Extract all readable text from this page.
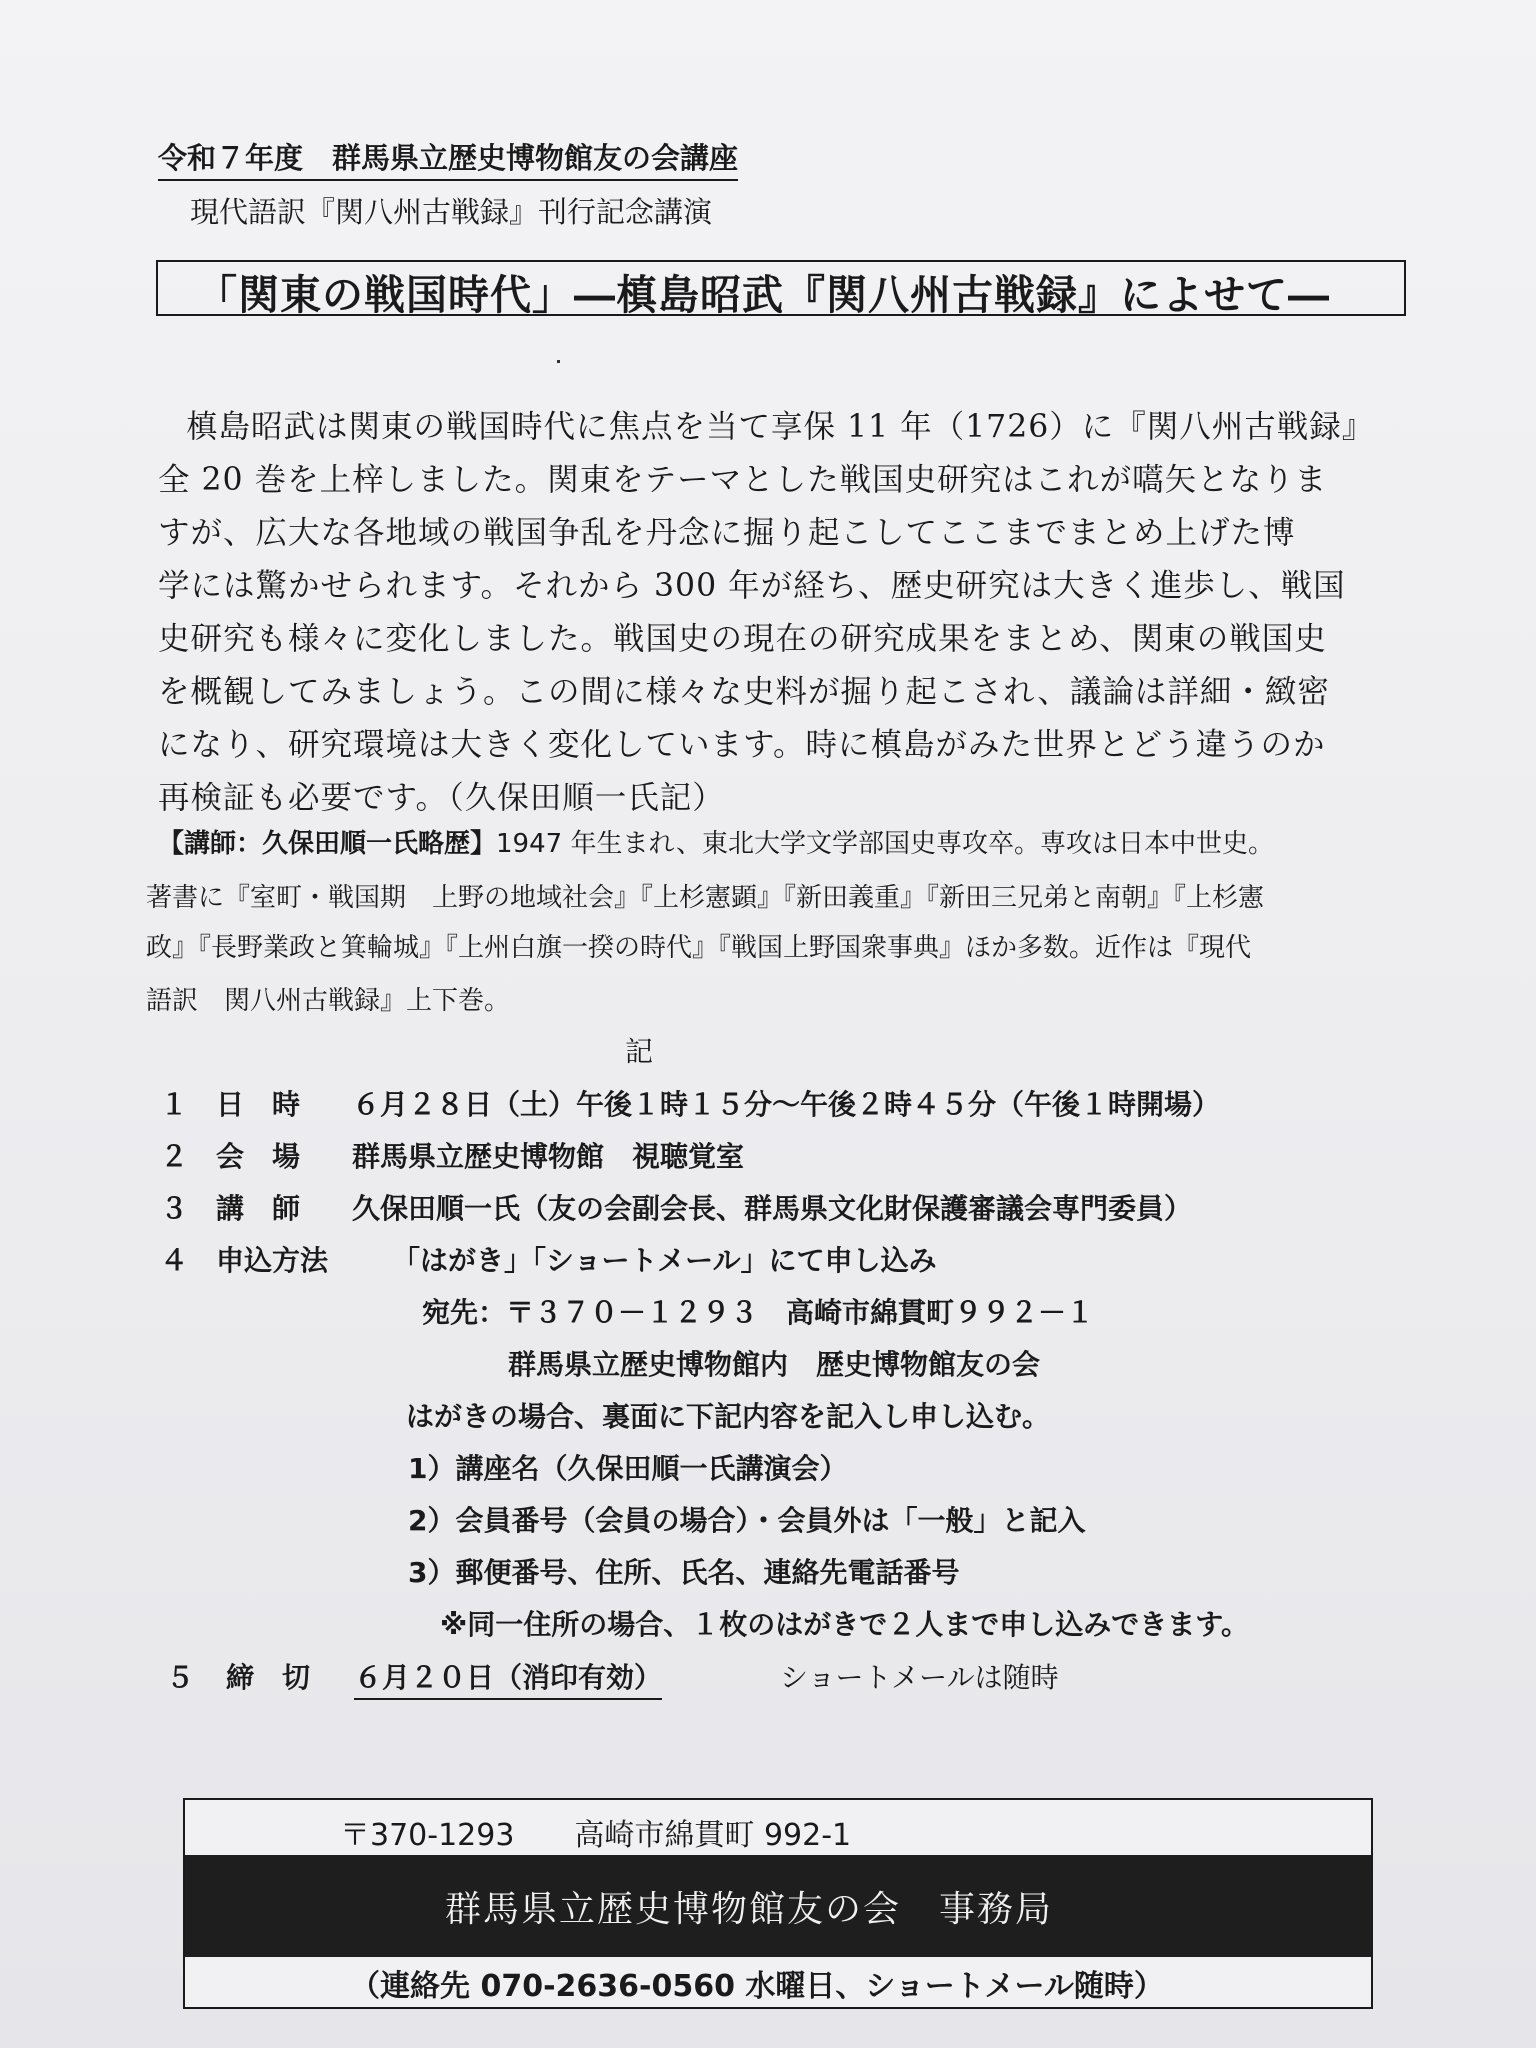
令和７年度　群馬県立歴史博物館友の会講座
現代語訳『関八州古戦録』刊行記念講演
「関東の戦国時代」―槙島昭武『関八州古戦録』によせて―
槙島昭武は関東の戦国時代に焦点を当て享保 11 年（1726）に『関八州古戦録』
全 20 巻を上梓しました。関東をテーマとした戦国史研究はこれが嚆矢となりま
すが、広大な各地域の戦国争乱を丹念に掘り起こしてここまでまとめ上げた博
学には驚かせられます。それから 300 年が経ち、歴史研究は大きく進歩し、戦国
史研究も様々に変化しました。戦国史の現在の研究成果をまとめ、関東の戦国史
を概観してみましょう。この間に様々な史料が掘り起こされ、議論は詳細・緻密
になり、研究環境は大きく変化しています。時に槙島がみた世界とどう違うのか
再検証も必要です。（久保田順一氏記）
【講師：久保田順一氏略歴】1947 年生まれ、東北大学文学部国史専攻卒。専攻は日本中世史。
著書に『室町・戦国期　上野の地域社会』『上杉憲顕』『新田義重』『新田三兄弟と南朝』『上杉憲
政』『長野業政と箕輪城』『上州白旗一揆の時代』『戦国上野国衆事典』ほか多数。近作は『現代
語訳　関八州古戦録』上下巻。
記
１ 日　時 ６月２８日（土）午後１時１５分～午後２時４５分（午後１時開場）
２ 会　場 群馬県立歴史博物館　視聴覚室
３ 講　師 久保田順一氏（友の会副会長、群馬県文化財保護審議会専門委員）
４ 申込方法 「はがき」「ショートメール」にて申し込み
宛先：〒３７０－１２９３　高崎市綿貫町９９２－１
群馬県立歴史博物館内　歴史博物館友の会
はがきの場合、裏面に下記内容を記入し申し込む。
1）講座名（久保田順一氏講演会）
2）会員番号（会員の場合）・会員外は「一般」と記入
3）郵便番号、住所、氏名、連絡先電話番号
※同一住所の場合、１枚のはがきで２人まで申し込みできます。
５ 締　切 ６月２０日（消印有効）	ショートメールは随時
〒370-1293　　高崎市綿貫町 992-1
群馬県立歴史博物館友の会　事務局
（連絡先 070-2636-0560 水曜日、ショートメール随時）
